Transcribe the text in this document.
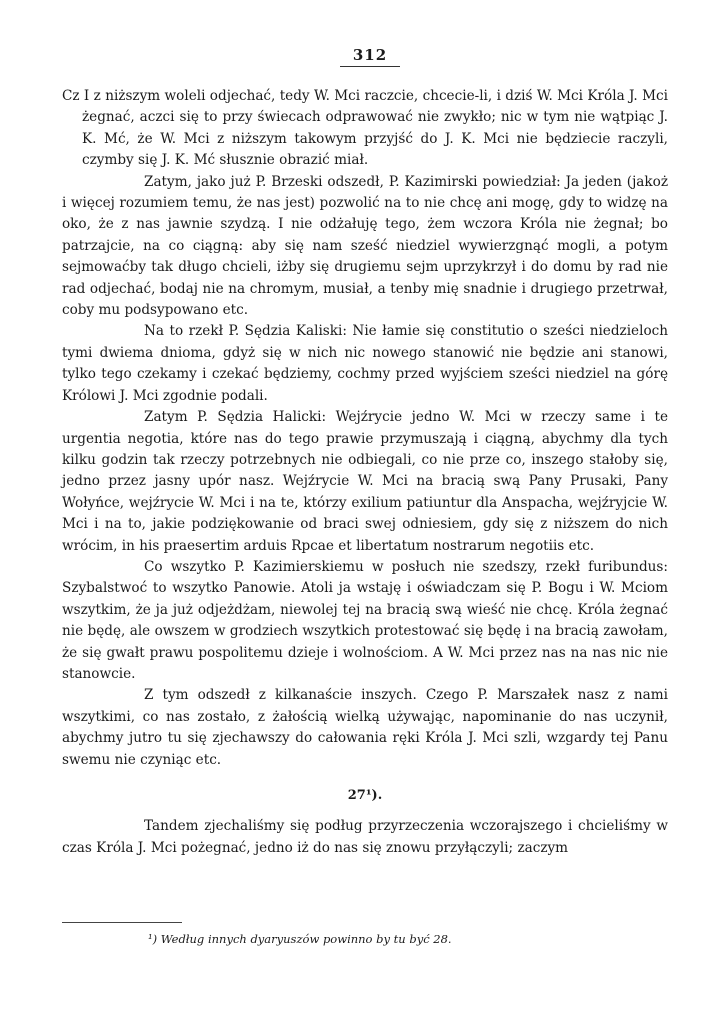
312

Cz I z niższym woleli odjechać, tedy W. Mci raczcie, chcecie-li, i dziś W. Mci Króla J. Mci żegnać, aczci się to przy świecach odprawować nie zwykło; nic w tym nie wątpiąc J. K. Mć, że W. Mci z niższym takowym przyjść do J. K. Mci nie będziecie raczyli, czymby się J. K. Mć słusznie obrazić miał.

Zatym, jako już P. Brzeski odszedł, P. Kazimirski powiedział: Ja jeden (jakoż i więcej rozumiem temu, że nas jest) pozwolić na to nie chcę ani mogę, gdy to widzę na oko, że z nas jawnie szydzą. I nie odżałuję tego, żem wczora Króla nie żegnał; bo patrzajcie, na co ciągną: aby się nam sześć niedziel wywierzgnąć mogli, a potym sejmowaćby tak długo chcieli, iżby się drugiemu sejm uprzykrzył i do domu by rad nie rad odjechać, bodaj nie na chromym, musiał, a tenby mię snadnie i drugiego przetrwał, coby mu podsypowano etc.

Na to rzekł P. Sędzia Kaliski: Nie łamie się constitutio o sześci niedzieloch tymi dwiema dnioma, gdyż się w nich nic nowego stanowić nie będzie ani stanowi, tylko tego czekamy i czekać będziemy, cochmy przed wyjściem sześci niedziel na górę Królowi J. Mci zgodnie podali.

Zatym P. Sędzia Halicki: Wejźrycie jedno W. Mci w rzeczy same i te urgentia negotia, które nas do tego prawie przymuszają i ciągną, abychmy dla tych kilku godzin tak rzeczy potrzebnych nie odbiegali, co nie prze co, inszego stałoby się, jedno przez jasny upór nasz. Wejźrycie W. Mci na bracią swą Pany Prusaki, Pany Wołyńce, wejźrycie W. Mci i na te, którzy exilium patiuntur dla Anspacha, wejźryjcie W. Mci i na to, jakie podziękowanie od braci swej odniesiem, gdy się z niższem do nich wrócim, in his praesertim arduis Rpcae et libertatum nostrarum negotiis etc.

Co wszytko P. Kazimierskiemu w posłuch nie szedszy, rzekł furibundus: Szybalstwoć to wszytko Panowie. Atoli ja wstaję i oświadczam się P. Bogu i W. Mciom wszytkim, że ja już odjeżdżam, niewolej tej na bracią swą wieść nie chcę. Króla żegnać nie będę, ale owszem w grodziech wszytkich protestować się będę i na bracią zawołam, że się gwałt prawu pospolitemu dzieje i wolnościom. A W. Mci przez nas na nas nic nie stanowcie.

Z tym odszedł z kilkanaście inszych. Czego P. Marszałek nasz z nami wszytkimi, co nas zostało, z żałością wielką używając, napominanie do nas uczynił, abychmy jutro tu się zjechawszy do całowania ręki Króla J. Mci szli, wzgardy tej Panu swemu nie czyniąc etc.

27¹).

Tandem zjechaliśmy się podług przyrzeczenia wczorajszego i chcieliśmy w czas Króla J. Mci pożegnać, jedno iż do nas się znowu przyłączyli; zaczym

¹) Według innych dyaryuszów powinno by tu być 28.
